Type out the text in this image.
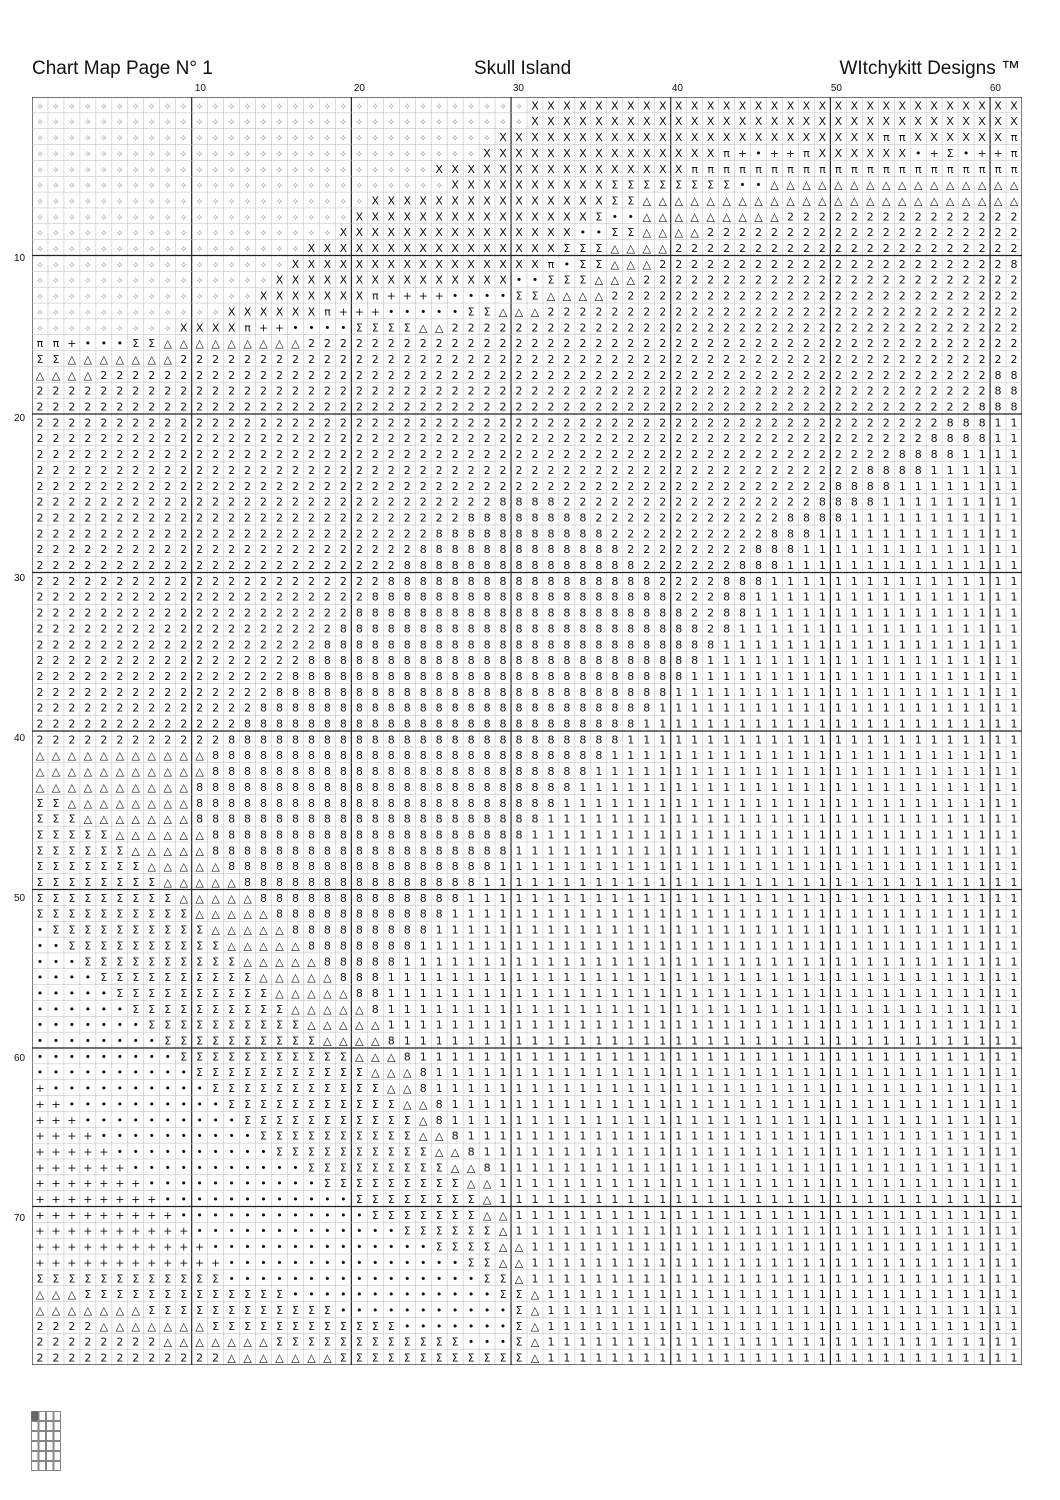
Chart Map Page N° 1	Skull Island	WItchykitt Designs ™
10	20	30	40	50	60
10
20
30
40
50
60
70
✧ ✧ ✧ ✧ ✧ ✧ ✧ ✧ ✧ ✧ ✧ ✧ ✧ ✧ ✧ ✧ ✧ ✧ ✧ ✧ ✧ ✧ ✧ ✧ ✧ ✧ ✧ ✧ ✧ ✧ ✧ X X X X X X X X X X X X X X X X X X X X X X X X X X X X X X X
✧ ✧ ✧ ✧ ✧ ✧ ✧ ✧ ✧ ✧ ✧ ✧ ✧ ✧ ✧ ✧ ✧ ✧ ✧ ✧ ✧ ✧ ✧ ✧ ✧ ✧ ✧ ✧ ✧ ✧ ✧ X X X X X X X X X X X X X X X X X X X X X X X X X X X X X X X
✧ ✧ ✧ ✧ ✧ ✧ ✧ ✧ ✧ ✧ ✧ ✧ ✧ ✧ ✧ ✧ ✧ ✧ ✧ ✧ ✧ ✧ ✧ ✧ ✧ ✧ ✧ ✧ ✧ X X X X X X X X X X X X X X X X X X X X X X X X π π X X X X X X π
✧ ✧ ✧ ✧ ✧ ✧ ✧ ✧ ✧ ✧ ✧ ✧ ✧ ✧ ✧ ✧ ✧ ✧ ✧ ✧ ✧ ✧ ✧ ✧ ✧ ✧ ✧ ✧ X X X X X X X X X X X X X X X π + • + + π X X X X X X • + Σ • + + π
✧ ✧ ✧ ✧ ✧ ✧ ✧ ✧ ✧ ✧ ✧ ✧ ✧ ✧ ✧ ✧ ✧ ✧ ✧ ✧ ✧ ✧ ✧ ✧ ✧ X X X X X X X X X X X X X X X X π π π π π π π π π π π π π π π π π π π π π
✧ ✧ ✧ ✧ ✧ ✧ ✧ ✧ ✧ ✧ ✧ ✧ ✧ ✧ ✧ ✧ ✧ ✧ ✧ ✧ ✧ ✧ ✧ ✧ ✧ ✧ X X X X X X X X X X Σ Σ Σ Σ Σ Σ Σ Σ • • △ △ △ △ △ △ △ △ △ △ △ △ △ △ △ △
✧ ✧ ✧ ✧ ✧ ✧ ✧ ✧ ✧ ✧ ✧ ✧ ✧ ✧ ✧ ✧ ✧ ✧ ✧ ✧ ✧ X X X X X X X X X X X X X X X Σ Σ △ △ △ △ △ △ △ △ △ △ △ △ △ △ △ △ △ △ △ △ △ △ △ △
✧ ✧ ✧ ✧ ✧ ✧ ✧ ✧ ✧ ✧ ✧ ✧ ✧ ✧ ✧ ✧ ✧ ✧ ✧ ✧ X X X X X X X X X X X X X X X Σ • • △ △ △ △ △ △ △ △ △ 2 2 2 2 2 2 2 2 2 2 2 2 2 2 2
✧ ✧ ✧ ✧ ✧ ✧ ✧ ✧ ✧ ✧ ✧ ✧ ✧ ✧ ✧ ✧ ✧ ✧ ✧ X X X X X X X X X X X X X X X • • Σ Σ △ △ △ △ 2 2 2 2 2 2 2 2 2 2 2 2 2 2 2 2 2 2 2 2
✧ ✧ ✧ ✧ ✧ ✧ ✧ ✧ ✧ ✧ ✧ ✧ ✧ ✧ ✧ ✧ ✧ X X X X X X X X X X X X X X X X Σ Σ Σ △ △ △ △ 2 2 2 2 2 2 2 2 2 2 2 2 2 2 2 2 2 2 2 2 2 2
✧ ✧ ✧ ✧ ✧ ✧ ✧ ✧ ✧ ✧ ✧ ✧ ✧ ✧ ✧ ✧ X X X X X X X X X X X X X X X X π • Σ Σ △ △ △ 2 2 2 2 2 2 2 2 2 2 2 2 2 2 2 2 2 2 2 2 2 2 8
✧ ✧ ✧ ✧ ✧ ✧ ✧ ✧ ✧ ✧ ✧ ✧ ✧ ✧ ✧ X X X X X X X X X X X X X X X • • Σ Σ Σ △ △ △ 2 2 2 2 2 2 2 2 2 2 2 2 2 2 2 2 2 2 2 2 2 2 2 2
✧ ✧ ✧ ✧ ✧ ✧ ✧ ✧ ✧ ✧ ✧ ✧ ✧ ✧ X X X X X X X π + + + + • • • • Σ Σ △ △ △ △ 2 2 2 2 2 2 2 2 2 2 2 2 2 2 2 2 2 2 2 2 2 2 2 2 2 2
✧ ✧ ✧ ✧ ✧ ✧ ✧ ✧ ✧ ✧ ✧ ✧ X X X X X X π + + + • • • • • Σ Σ △ △ △ 2 2 2 2 2 2 2 2 2 2 2 2 2 2 2 2 2 2 2 2 2 2 2 2 2 2 2 2 2 2
✧ ✧ ✧ ✧ ✧ ✧ ✧ ✧ ✧ X X X X π + + • • • • Σ Σ Σ Σ △ △ 2 2 2 2 2 2 2 2 2 2 2 2 2 2 2 2 2 2 2 2 2 2 2 2 2 2 2 2 2 2 2 2 2 2 2 2
π π + • • • Σ Σ △ △ △ △ △ △ △ △ △ 2 2 2 2 2 2 2 2 2 2 2 2 2 2 2 2 2 2 2 2 2 2 2 2 2 2 2 2 2 2 2 2 2 2 2 2 2 2 2 2 2 2 2 2 2
Σ Σ △ △ △ △ △ △ △ 2 2 2 2 2 2 2 2 2 2 2 2 2 2 2 2 2 2 2 2 2 2 2 2 2 2 2 2 2 2 2 2 2 2 2 2 2 2 2 2 2 2 2 2 2 2 2 2 2 2 2 2 2
△ △ △ △ 2 2 2 2 2 2 2 2 2 2 2 2 2 2 2 2 2 2 2 2 2 2 2 2 2 2 2 2 2 2 2 2 2 2 2 2 2 2 2 2 2 2 2 2 2 2 2 2 2 2 2 2 2 2 2 2 8 8
2 2 2 2 2 2 2 2 2 2 2 2 2 2 2 2 2 2 2 2 2 2 2 2 2 2 2 2 2 2 2 2 2 2 2 2 2 2 2 2 2 2 2 2 2 2 2 2 2 2 2 2 2 2 2 2 2 2 2 2 8 8
2 2 2 2 2 2 2 2 2 2 2 2 2 2 2 2 2 2 2 2 2 2 2 2 2 2 2 2 2 2 2 2 2 2 2 2 2 2 2 2 2 2 2 2 2 2 2 2 2 2 2 2 2 2 2 2 2 2 2 8 8 8
2 2 2 2 2 2 2 2 2 2 2 2 2 2 2 2 2 2 2 2 2 2 2 2 2 2 2 2 2 2 2 2 2 2 2 2 2 2 2 2 2 2 2 2 2 2 2 2 2 2 2 2 2 2 2 2 2 8 8 8 1 1
2 2 2 2 2 2 2 2 2 2 2 2 2 2 2 2 2 2 2 2 2 2 2 2 2 2 2 2 2 2 2 2 2 2 2 2 2 2 2 2 2 2 2 2 2 2 2 2 2 2 2 2 2 2 2 2 8 8 8 8 1 1
2 2 2 2 2 2 2 2 2 2 2 2 2 2 2 2 2 2 2 2 2 2 2 2 2 2 2 2 2 2 2 2 2 2 2 2 2 2 2 2 2 2 2 2 2 2 2 2 2 2 2 2 2 2 8 8 8 8 1 1 1 1
2 2 2 2 2 2 2 2 2 2 2 2 2 2 2 2 2 2 2 2 2 2 2 2 2 2 2 2 2 2 2 2 2 2 2 2 2 2 2 2 2 2 2 2 2 2 2 2 2 2 2 2 8 8 8 8 1 1 1 1 1 1
2 2 2 2 2 2 2 2 2 2 2 2 2 2 2 2 2 2 2 2 2 2 2 2 2 2 2 2 2 2 2 2 2 2 2 2 2 2 2 2 2 2 2 2 2 2 2 2 2 2 8 8 8 8 1 1 1 1 1 1 1 1
2 2 2 2 2 2 2 2 2 2 2 2 2 2 2 2 2 2 2 2 2 2 2 2 2 2 2 2 2 8 8 8 8 2 2 2 2 2 2 2 2 2 2 2 2 2 2 2 2 8 8 8 8 1 1 1 1 1 1 1 1 1
2 2 2 2 2 2 2 2 2 2 2 2 2 2 2 2 2 2 2 2 2 2 2 2 2 2 2 8 8 8 8 8 8 8 8 2 2 2 2 2 2 2 2 2 2 2 2 8 8 8 8 1 1 1 1 1 1 1 1 1 1 1
2 2 2 2 2 2 2 2 2 2 2 2 2 2 2 2 2 2 2 2 2 2 2 2 2 8 8 8 8 8 8 8 8 8 8 8 2 2 2 2 2 2 2 2 2 2 8 8 8 1 1 1 1 1 1 1 1 1 1 1 1 1
2 2 2 2 2 2 2 2 2 2 2 2 2 2 2 2 2 2 2 2 2 2 2 2 8 8 8 8 8 8 8 8 8 8 8 8 8 2 2 2 2 2 2 2 2 8 8 8 1 1 1 1 1 1 1 1 1 1 1 1 1 1
2 2 2 2 2 2 2 2 2 2 2 2 2 2 2 2 2 2 2 2 2 2 2 8 8 8 8 8 8 8 8 8 8 8 8 8 8 8 2 2 2 2 2 2 8 8 8 1 1 1 1 1 1 1 1 1 1 1 1 1 1 1
2 2 2 2 2 2 2 2 2 2 2 2 2 2 2 2 2 2 2 2 2 2 8 8 8 8 8 8 8 8 8 8 8 8 8 8 8 8 8 2 2 2 2 8 8 8 1 1 1 1 1 1 1 1 1 1 1 1 1 1 1 1
2 2 2 2 2 2 2 2 2 2 2 2 2 2 2 2 2 2 2 2 2 8 8 8 8 8 8 8 8 8 8 8 8 8 8 8 8 8 8 8 2 2 2 8 8 1 1 1 1 1 1 1 1 1 1 1 1 1 1 1 1 1
2 2 2 2 2 2 2 2 2 2 2 2 2 2 2 2 2 2 2 2 8 8 8 8 8 8 8 8 8 8 8 8 8 8 8 8 8 8 8 8 8 2 2 8 8 1 1 1 1 1 1 1 1 1 1 1 1 1 1 1 1 1
2 2 2 2 2 2 2 2 2 2 2 2 2 2 2 2 2 2 2 8 8 8 8 8 8 8 8 8 8 8 8 8 8 8 8 8 8 8 8 8 8 8 2 8 1 1 1 1 1 1 1 1 1 1 1 1 1 1 1 1 1 1
2 2 2 2 2 2 2 2 2 2 2 2 2 2 2 2 2 2 8 8 8 8 8 8 8 8 8 8 8 8 8 8 8 8 8 8 8 8 8 8 8 8 8 1 1 1 1 1 1 1 1 1 1 1 1 1 1 1 1 1 1 1
2 2 2 2 2 2 2 2 2 2 2 2 2 2 2 2 2 8 8 8 8 8 8 8 8 8 8 8 8 8 8 8 8 8 8 8 8 8 8 8 8 8 1 1 1 1 1 1 1 1 1 1 1 1 1 1 1 1 1 1 1 1
2 2 2 2 2 2 2 2 2 2 2 2 2 2 2 2 8 8 8 8 8 8 8 8 8 8 8 8 8 8 8 8 8 8 8 8 8 8 8 8 8 1 1 1 1 1 1 1 1 1 1 1 1 1 1 1 1 1 1 1 1 1
2 2 2 2 2 2 2 2 2 2 2 2 2 2 2 8 8 8 8 8 8 8 8 8 8 8 8 8 8 8 8 8 8 8 8 8 8 8 8 8 1 1 1 1 1 1 1 1 1 1 1 1 1 1 1 1 1 1 1 1 1 1
2 2 2 2 2 2 2 2 2 2 2 2 2 2 8 8 8 8 8 8 8 8 8 8 8 8 8 8 8 8 8 8 8 8 8 8 8 8 8 1 1 1 1 1 1 1 1 1 1 1 1 1 1 1 1 1 1 1 1 1 1 1
2 2 2 2 2 2 2 2 2 2 2 2 2 8 8 8 8 8 8 8 8 8 8 8 8 8 8 8 8 8 8 8 8 8 8 8 8 8 1 1 1 1 1 1 1 1 1 1 1 1 1 1 1 1 1 1 1 1 1 1 1 1
2 2 2 2 2 2 2 2 2 2 2 2 8 8 8 8 8 8 8 8 8 8 8 8 8 8 8 8 8 8 8 8 8 8 8 8 8 1 1 1 1 1 1 1 1 1 1 1 1 1 1 1 1 1 1 1 1 1 1 1 1 1
△ △ △ △ △ △ △ △ △ △ △ 8 8 8 8 8 8 8 8 8 8 8 8 8 8 8 8 8 8 8 8 8 8 8 8 8 1 1 1 1 1 1 1 1 1 1 1 1 1 1 1 1 1 1 1 1 1 1 1 1 1 1
△ △ △ △ △ △ △ △ △ △ △ 8 8 8 8 8 8 8 8 8 8 8 8 8 8 8 8 8 8 8 8 8 8 8 8 1 1 1 1 1 1 1 1 1 1 1 1 1 1 1 1 1 1 1 1 1 1 1 1 1 1 1
△ △ △ △ △ △ △ △ △ △ 8 8 8 8 8 8 8 8 8 8 8 8 8 8 8 8 8 8 8 8 8 8 8 8 1 1 1 1 1 1 1 1 1 1 1 1 1 1 1 1 1 1 1 1 1 1 1 1 1 1 1 1
Σ Σ △ △ △ △ △ △ △ △ 8 8 8 8 8 8 8 8 8 8 8 8 8 8 8 8 8 8 8 8 8 8 8 1 1 1 1 1 1 1 1 1 1 1 1 1 1 1 1 1 1 1 1 1 1 1 1 1 1 1 1 1
Σ Σ Σ △ △ △ △ △ △ △ 8 8 8 8 8 8 8 8 8 8 8 8 8 8 8 8 8 8 8 8 8 8 1 1 1 1 1 1 1 1 1 1 1 1 1 1 1 1 1 1 1 1 1 1 1 1 1 1 1 1 1 1
Σ Σ Σ Σ Σ △ △ △ △ △ △ 8 8 8 8 8 8 8 8 8 8 8 8 8 8 8 8 8 8 8 8 1 1 1 1 1 1 1 1 1 1 1 1 1 1 1 1 1 1 1 1 1 1 1 1 1 1 1 1 1 1 1
Σ Σ Σ Σ Σ Σ △ △ △ △ △ 8 8 8 8 8 8 8 8 8 8 8 8 8 8 8 8 8 8 8 1 1 1 1 1 1 1 1 1 1 1 1 1 1 1 1 1 1 1 1 1 1 1 1 1 1 1 1 1 1 1 1
Σ Σ Σ Σ Σ Σ Σ △ △ △ △ △ 8 8 8 8 8 8 8 8 8 8 8 8 8 8 8 8 8 1 1 1 1 1 1 1 1 1 1 1 1 1 1 1 1 1 1 1 1 1 1 1 1 1 1 1 1 1 1 1 1 1
Σ Σ Σ Σ Σ Σ Σ Σ △ △ △ △ △ 8 8 8 8 8 8 8 8 8 8 8 8 8 8 8 1 1 1 1 1 1 1 1 1 1 1 1 1 1 1 1 1 1 1 1 1 1 1 1 1 1 1 1 1 1 1 1 1 1
Σ Σ Σ Σ Σ Σ Σ Σ Σ △ △ △ △ △ 8 8 8 8 8 8 8 8 8 8 8 8 8 1 1 1 1 1 1 1 1 1 1 1 1 1 1 1 1 1 1 1 1 1 1 1 1 1 1 1 1 1 1 1 1 1 1 1
Σ Σ Σ Σ Σ Σ Σ Σ Σ Σ △ △ △ △ △ 8 8 8 8 8 8 8 8 8 8 8 1 1 1 1 1 1 1 1 1 1 1 1 1 1 1 1 1 1 1 1 1 1 1 1 1 1 1 1 1 1 1 1 1 1 1 1
• Σ Σ Σ Σ Σ Σ Σ Σ Σ Σ △ △ △ △ △ 8 8 8 8 8 8 8 8 8 1 1 1 1 1 1 1 1 1 1 1 1 1 1 1 1 1 1 1 1 1 1 1 1 1 1 1 1 1 1 1 1 1 1 1 1 1
• • Σ Σ Σ Σ Σ Σ Σ Σ Σ Σ △ △ △ △ △ 8 8 8 8 8 8 8 1 1 1 1 1 1 1 1 1 1 1 1 1 1 1 1 1 1 1 1 1 1 1 1 1 1 1 1 1 1 1 1 1 1 1 1 1 1
• • • Σ Σ Σ Σ Σ Σ Σ Σ Σ Σ △ △ △ △ △ 8 8 8 8 8 1 1 1 1 1 1 1 1 1 1 1 1 1 1 1 1 1 1 1 1 1 1 1 1 1 1 1 1 1 1 1 1 1 1 1 1 1 1 1
• • • • Σ Σ Σ Σ Σ Σ Σ Σ Σ Σ △ △ △ △ △ 8 8 8 1 1 1 1 1 1 1 1 1 1 1 1 1 1 1 1 1 1 1 1 1 1 1 1 1 1 1 1 1 1 1 1 1 1 1 1 1 1 1 1
• • • • • Σ Σ Σ Σ Σ Σ Σ Σ Σ Σ △ △ △ △ △ 8 8 1 1 1 1 1 1 1 1 1 1 1 1 1 1 1 1 1 1 1 1 1 1 1 1 1 1 1 1 1 1 1 1 1 1 1 1 1 1 1 1
• • • • • • Σ Σ Σ Σ Σ Σ Σ Σ Σ Σ △ △ △ △ △ 8 1 1 1 1 1 1 1 1 1 1 1 1 1 1 1 1 1 1 1 1 1 1 1 1 1 1 1 1 1 1 1 1 1 1 1 1 1 1 1 1
• • • • • • • Σ Σ Σ Σ Σ Σ Σ Σ Σ Σ △ △ △ △ △ 1 1 1 1 1 1 1 1 1 1 1 1 1 1 1 1 1 1 1 1 1 1 1 1 1 1 1 1 1 1 1 1 1 1 1 1 1 1 1 1
• • • • • • • • Σ Σ Σ Σ Σ Σ Σ Σ Σ Σ △ △ △ △ 8 1 1 1 1 1 1 1 1 1 1 1 1 1 1 1 1 1 1 1 1 1 1 1 1 1 1 1 1 1 1 1 1 1 1 1 1 1 1 1
• • • • • • • • • Σ Σ Σ Σ Σ Σ Σ Σ Σ Σ Σ △ △ △ 8 1 1 1 1 1 1 1 1 1 1 1 1 1 1 1 1 1 1 1 1 1 1 1 1 1 1 1 1 1 1 1 1 1 1 1 1 1 1
• • • • • • • • • • Σ Σ Σ Σ Σ Σ Σ Σ Σ Σ Σ △ △ △ 8 1 1 1 1 1 1 1 1 1 1 1 1 1 1 1 1 1 1 1 1 1 1 1 1 1 1 1 1 1 1 1 1 1 1 1 1 1
+ • • • • • • • • • • Σ Σ Σ Σ Σ Σ Σ Σ Σ Σ Σ △ △ 8 1 1 1 1 1 1 1 1 1 1 1 1 1 1 1 1 1 1 1 1 1 1 1 1 1 1 1 1 1 1 1 1 1 1 1 1 1
+ + • • • • • • • • • • Σ Σ Σ Σ Σ Σ Σ Σ Σ Σ Σ △ △ 8 1 1 1 1 1 1 1 1 1 1 1 1 1 1 1 1 1 1 1 1 1 1 1 1 1 1 1 1 1 1 1 1 1 1 1 1
+ + + • • • • • • • • • • Σ Σ Σ Σ Σ Σ Σ Σ Σ Σ Σ △ 8 1 1 1 1 1 1 1 1 1 1 1 1 1 1 1 1 1 1 1 1 1 1 1 1 1 1 1 1 1 1 1 1 1 1 1 1
+ + + + • • • • • • • • • • Σ Σ Σ Σ Σ Σ Σ Σ Σ Σ △ △ 8 1 1 1 1 1 1 1 1 1 1 1 1 1 1 1 1 1 1 1 1 1 1 1 1 1 1 1 1 1 1 1 1 1 1 1
+ + + + + • • • • • • • • • • Σ Σ Σ Σ Σ Σ Σ Σ Σ Σ △ △ 8 1 1 1 1 1 1 1 1 1 1 1 1 1 1 1 1 1 1 1 1 1 1 1 1 1 1 1 1 1 1 1 1 1 1
+ + + + + + • • • • • • • • • • • Σ Σ Σ Σ Σ Σ Σ Σ Σ △ △ 8 1 1 1 1 1 1 1 1 1 1 1 1 1 1 1 1 1 1 1 1 1 1 1 1 1 1 1 1 1 1 1 1 1
+ + + + + + + • • • • • • • • • • • Σ Σ Σ Σ Σ Σ Σ Σ Σ △ △ 1 1 1 1 1 1 1 1 1 1 1 1 1 1 1 1 1 1 1 1 1 1 1 1 1 1 1 1 1 1 1 1 1
+ + + + + + + + • • • • • • • • • • • • Σ Σ Σ Σ Σ Σ Σ Σ △ 1 1 1 1 1 1 1 1 1 1 1 1 1 1 1 1 1 1 1 1 1 1 1 1 1 1 1 1 1 1 1 1 1
+ + + + + + + + + • • • • • • • • • • • • Σ Σ Σ Σ Σ Σ Σ △ △ 1 1 1 1 1 1 1 1 1 1 1 1 1 1 1 1 1 1 1 1 1 1 1 1 1 1 1 1 1 1 1 1
+ + + + + + + + + + • • • • • • • • • • • • • Σ Σ Σ Σ Σ Σ △ 1 1 1 1 1 1 1 1 1 1 1 1 1 1 1 1 1 1 1 1 1 1 1 1 1 1 1 1 1 1 1 1
+ + + + + + + + + + + • • • • • • • • • • • • • • Σ Σ Σ Σ △ △ 1 1 1 1 1 1 1 1 1 1 1 1 1 1 1 1 1 1 1 1 1 1 1 1 1 1 1 1 1 1 1
+ + + + + + + + + + + + • • • • • • • • • • • • • • • Σ Σ △ △ 1 1 1 1 1 1 1 1 1 1 1 1 1 1 1 1 1 1 1 1 1 1 1 1 1 1 1 1 1 1 1
Σ Σ Σ Σ Σ Σ Σ Σ Σ Σ Σ Σ • • • • • • • • • • • • • • • • Σ Σ △ 1 1 1 1 1 1 1 1 1 1 1 1 1 1 1 1 1 1 1 1 1 1 1 1 1 1 1 1 1 1 1
△ △ △ Σ Σ Σ Σ Σ Σ Σ Σ Σ Σ Σ Σ Σ • • • • • • • • • • • • • Σ Σ △ 1 1 1 1 1 1 1 1 1 1 1 1 1 1 1 1 1 1 1 1 1 1 1 1 1 1 1 1 1 1
△ △ △ △ △ △ △ Σ Σ Σ Σ Σ Σ Σ Σ Σ Σ Σ Σ • • • • • • • • • • • Σ △ 1 1 1 1 1 1 1 1 1 1 1 1 1 1 1 1 1 1 1 1 1 1 1 1 1 1 1 1 1 1
2 2 2 2 △ △ △ △ △ △ △ Σ Σ Σ Σ Σ Σ Σ Σ Σ Σ Σ Σ • • • • • • • Σ △ 1 1 1 1 1 1 1 1 1 1 1 1 1 1 1 1 1 1 1 1 1 1 1 1 1 1 1 1 1 1
2 2 2 2 2 2 2 2 △ △ △ △ △ △ △ Σ Σ Σ Σ Σ Σ Σ Σ Σ Σ Σ Σ • • • Σ △ 1 1 1 1 1 1 1 1 1 1 1 1 1 1 1 1 1 1 1 1 1 1 1 1 1 1 1 1 1 1
2 2 2 2 2 2 2 2 2 2 2 2 △ △ △ △ △ △ △ Σ Σ Σ Σ Σ Σ Σ Σ Σ Σ Σ Σ △ 1 1 1 1 1 1 1 1 1 1 1 1 1 1 1 1 1 1 1 1 1 1 1 1 1 1 1 1 1 1
